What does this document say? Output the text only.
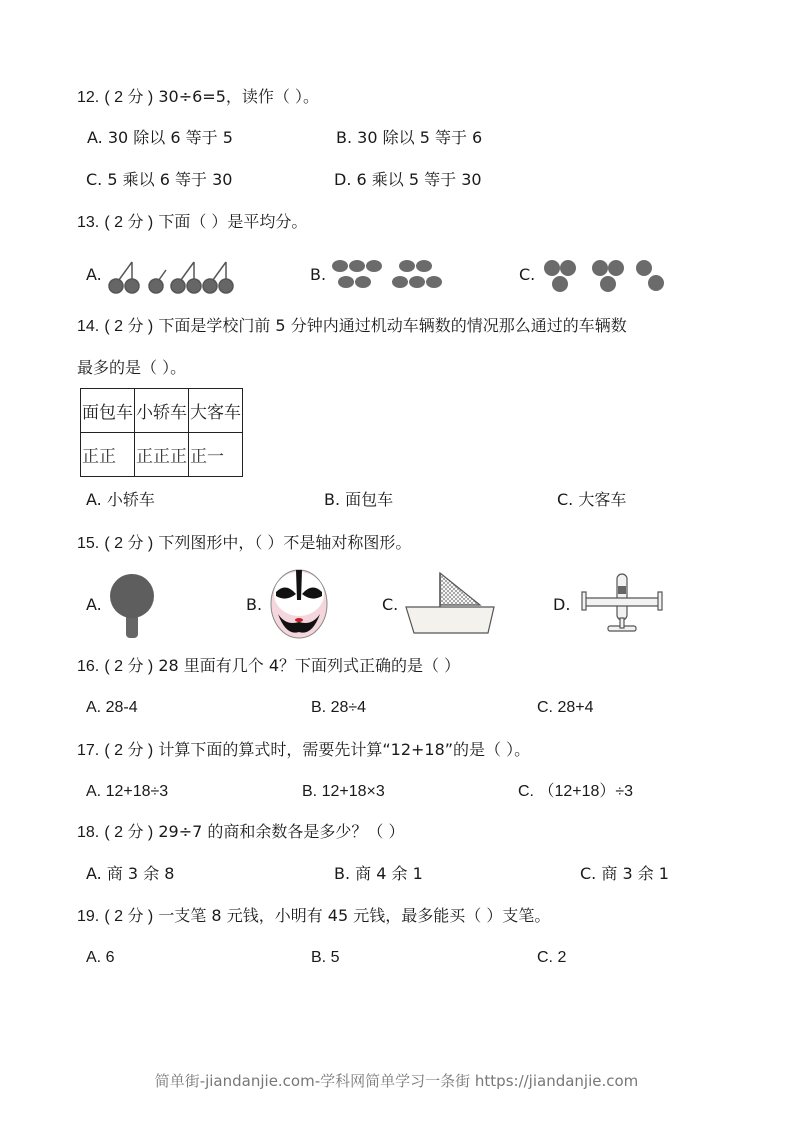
12. ( 2 分 ) 30÷6=5，读作（ ）。
A. 30 除以 6 等于 5	B. 30 除以 5 等于 6
C. 5 乘以 6 等于 30	D. 6 乘以 5 等于 30
13. ( 2 分 ) 下面（ ）是平均分。
A.	B.	C.
14. ( 2 分 ) 下面是学校门前 5 分钟内通过机动车辆数的情况那么通过的车辆数
最多的是（ ）。
面包车	小轿车	大客车
正正	正正正	正一
A. 小轿车	B. 面包车	C. 大客车
15. ( 2 分 ) 下列图形中，（ ）不是轴对称图形。
A.	B.	C.	D.
16. ( 2 分 ) 28 里面有几个 4？下面列式正确的是（ ）
A. 28-4	B. 28÷4	C. 28+4
17. ( 2 分 ) 计算下面的算式时，需要先计算“12+18”的是（ ）。
A. 12+18÷3	B. 12+18×3	C. （12+18）÷3
18. ( 2 分 ) 29÷7 的商和余数各是多少？（ ）
A. 商 3 余 8	B. 商 4 余 1	C. 商 3 余 1
19. ( 2 分 ) 一支笔 8 元钱，小明有 45 元钱，最多能买（ ）支笔。
A. 6	B. 5	C. 2
简单街-jiandanjie.com-学科网简单学习一条街 https://jiandanjie.com
